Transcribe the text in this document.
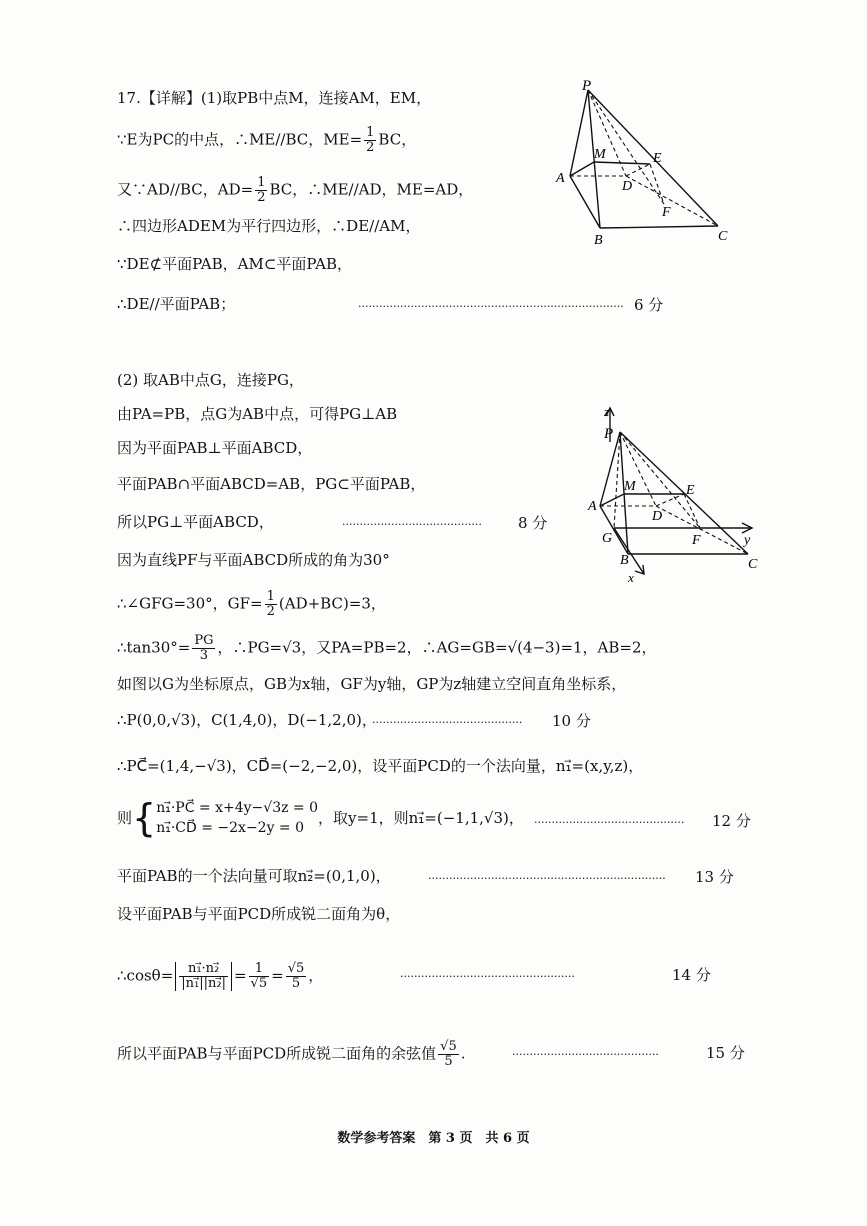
17.【详解】(1)取PB中点M，连接AM，EM，
∵E为PC的中点，∴ME//BC，$ME= \frac{1}{2}$ BC，
又∵AD//BC，$AD= \frac{1}{2}$ BC，∴ME//AD，ME=AD，
∴四边形ADEM为平行四边形，∴DE//AM，
∵DE⊄平面PAB，AM⊂平面PAB，
∴DE//平面PAB；	............................................................................ 6 分
P
M	E
A
D
F
B	C
(2) 取AB中点G，连接PG，
由PA=PB，点G为AB中点，可得PG⊥AB
因为平面PAB⊥平面ABCD，
平面PAB∩平面ABCD=AB，PG⊂平面PAB，
所以PG⊥平面ABCD，	........................................ 8 分
因为直线PF与平面ABCD所成的角为30°
∴∠GFG=30°，$GF= \frac{1}{2} (AD+BC)=3$，
∴tan30°= $\frac{PG}{3}$ ，∴PG=√3，又PA=PB=2，∴AG=GB=√(4−3)=1，AB=2，
如图以G为坐标原点，GB为x轴，GF为y轴，GP为z轴建立空间直角坐标系，
∴P(0,0,√3)，C(1,4,0)，D(−1,2,0)，
........................................... 10 分
∴PC⃗=(1,4,−√3)，CD⃗=(−2,−2,0)，设平面PCD的一个法向量，n₁⃗=(x,y,z)，
则{ n₁⃗·PC⃗ = x+4y−√3z = 0
n₁⃗·CD⃗ = −2x−2y = 0
，取y=1，则n₁⃗=(−1,1,√3)， ........................................... 12 分
平面PAB的一个法向量可取n₂⃗=(0,1,0)，	.................................................................... 13 分
设平面PAB与平面PCD所成锐二面角为θ，
∴cosθ= $\frac{\text{n₁⃗·n₂⃗}}{\text{|n₁⃗||n₂⃗|}} = \frac{1}{√5} = \frac{√5}{5}$ ，	..................................................	14 分
所以平面PAB与平面PCD所成锐二面角的余弦值 $\frac{√5}{5}$ .	..........................................	15 分
z
P
M	E
A
D
G	F	y
B
x
C
数学参考答案　第 3 页　共 6 页
